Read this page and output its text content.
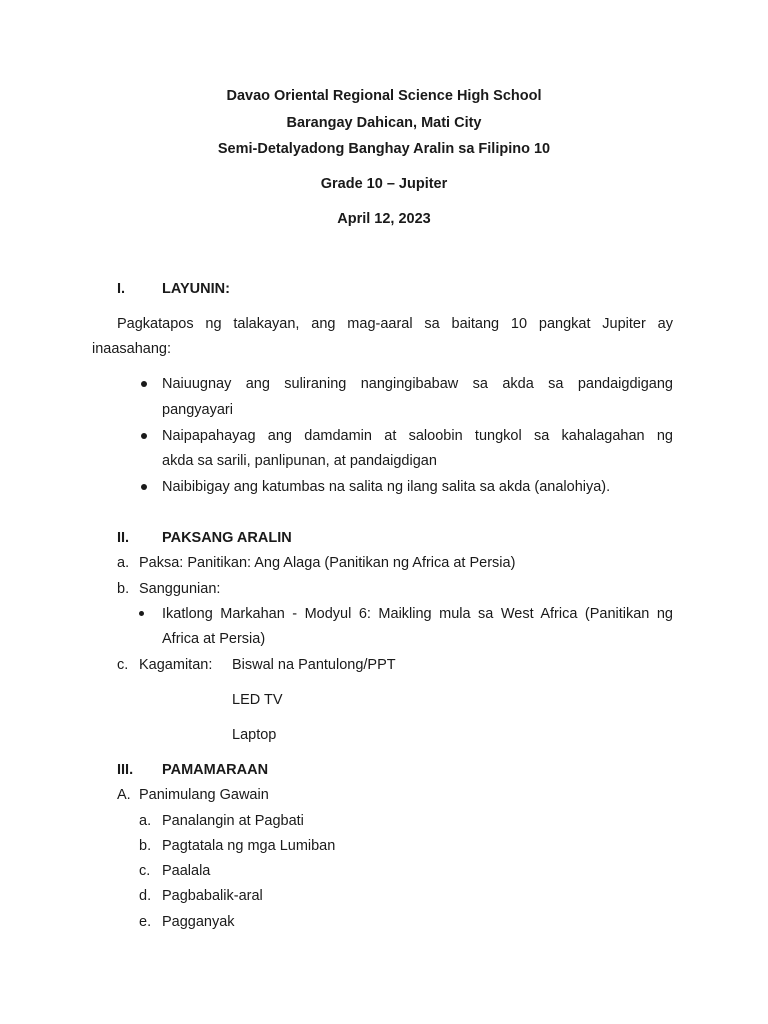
Davao Oriental Regional Science High School
Barangay Dahican, Mati City
Semi-Detalyadong Banghay Aralin sa Filipino 10
Grade 10 – Jupiter
April 12, 2023
I.	LAYUNIN:
Pagkatapos ng talakayan, ang mag-aaral sa baitang 10 pangkat Jupiter ay
inaasahang:
Naiuugnay ang suliraning nangingibabaw sa akda sa pandaigdigang
pangyayari
Naipapahayag ang damdamin at saloobin tungkol sa kahalagahan ng
akda sa sarili, panlipunan, at pandaigdigan
Naibibigay ang katumbas na salita ng ilang salita sa akda (analohiya).
II. PAKSANG ARALIN
a. Paksa: Panitikan: Ang Alaga (Panitikan ng Africa at Persia)
b. Sanggunian:
Ikatlong Markahan - Modyul 6: Maikling mula sa West Africa (Panitikan ng
Africa at Persia)
c. Kagamitan: Biswal na Pantulong/PPT
LED TV
Laptop
III. PAMAMARAAN
A. Panimulang Gawain
a. Panalangin at Pagbati
b. Pagtatala ng mga Lumiban
c. Paalala
d. Pagbabalik-aral
e. Pagganyak
